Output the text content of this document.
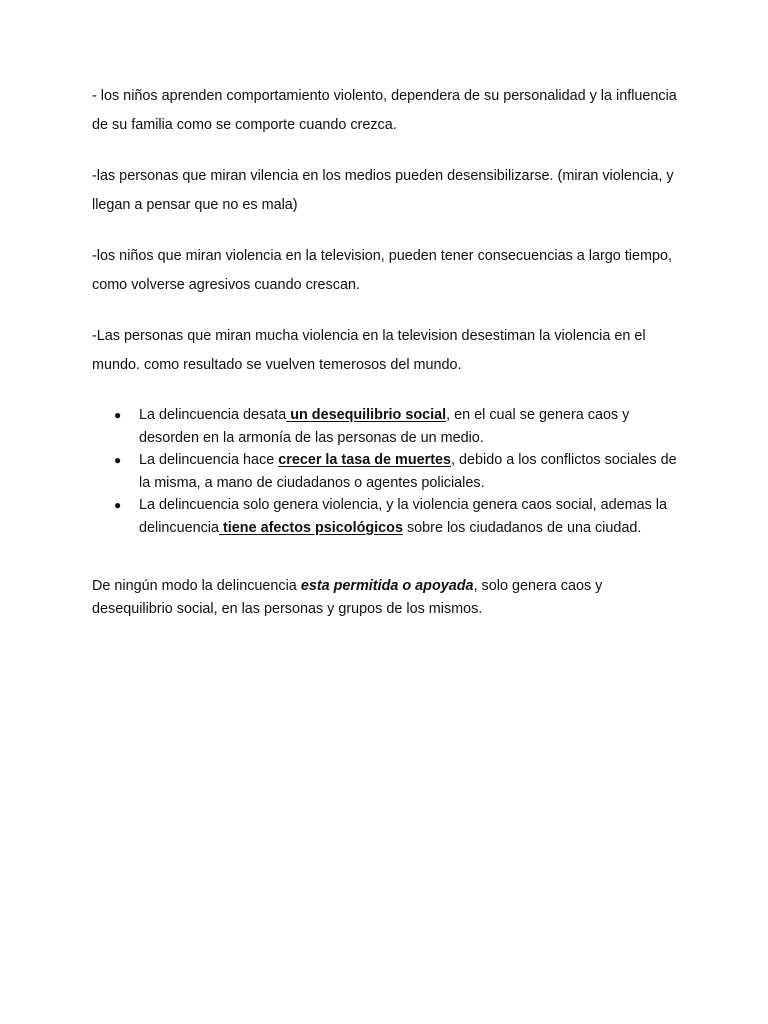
- los niños aprenden comportamiento violento, dependera de su personalidad y la influencia de su familia como se comporte cuando crezca.

-las personas que miran vilencia en los medios pueden desensibilizarse. (miran violencia, y llegan a pensar que no es mala)

-los niños que miran violencia en la television, pueden tener consecuencias a largo tiempo, como volverse agresivos cuando crescan.

-Las personas que miran mucha violencia en la television desestiman la violencia en el mundo. como resultado se vuelven temerosos del mundo.

● La delincuencia desata un desequilibrio social, en el cual se genera caos y desorden en la armonía de las personas de un medio.
● La delincuencia hace crecer la tasa de muertes, debido a los conflictos sociales de la misma, a mano de ciudadanos o agentes policiales.
● La delincuencia solo genera violencia, y la violencia genera caos social, ademas la delincuencia tiene afectos psicológicos sobre los ciudadanos de una ciudad.

De ningún modo la delincuencia esta permitida o apoyada, solo genera caos y desequilibrio social, en las personas y grupos de los mismos.
